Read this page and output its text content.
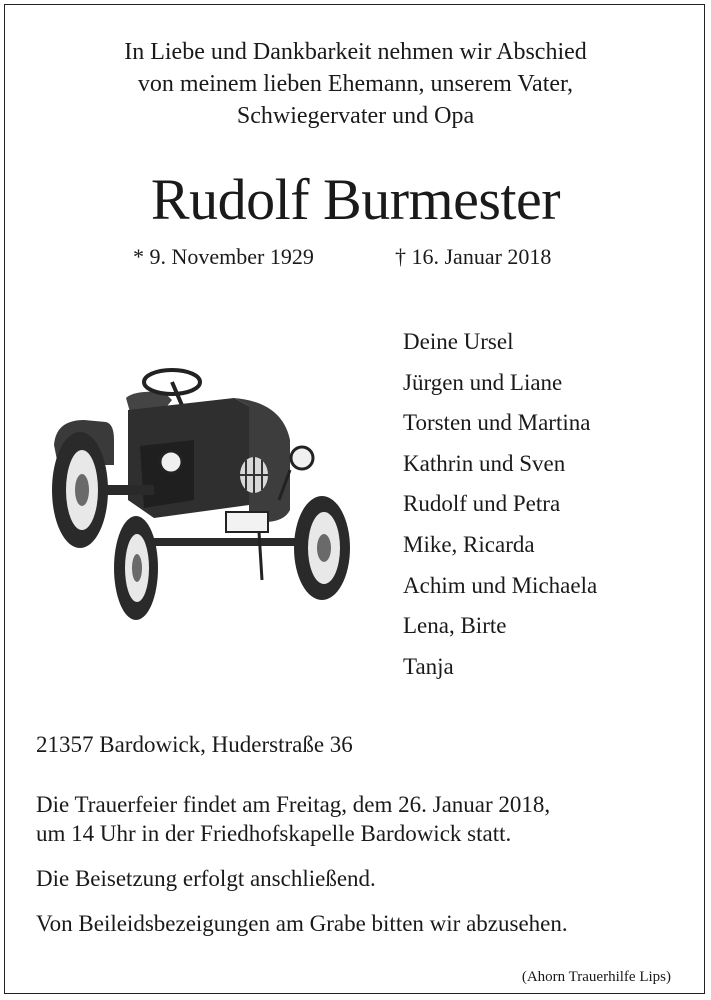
In Liebe und Dankbarkeit nehmen wir Abschied
von meinem lieben Ehemann, unserem Vater,
Schwiegervater und Opa
Rudolf Burmester
* 9. November 1929	† 16. Januar 2018
Deine Ursel
Jürgen und Liane
Torsten und Martina
Kathrin und Sven
Rudolf und Petra
Mike, Ricarda
Achim und Michaela
Lena, Birte
Tanja
21357 Bardowick, Huderstraße 36
Die Trauerfeier findet am Freitag, dem 26. Januar 2018,
um 14 Uhr in der Friedhofskapelle Bardowick statt.
Die Beisetzung erfolgt anschließend.
Von Beileidsbezeigungen am Grabe bitten wir abzusehen.
(Ahorn Trauerhilfe Lips)
